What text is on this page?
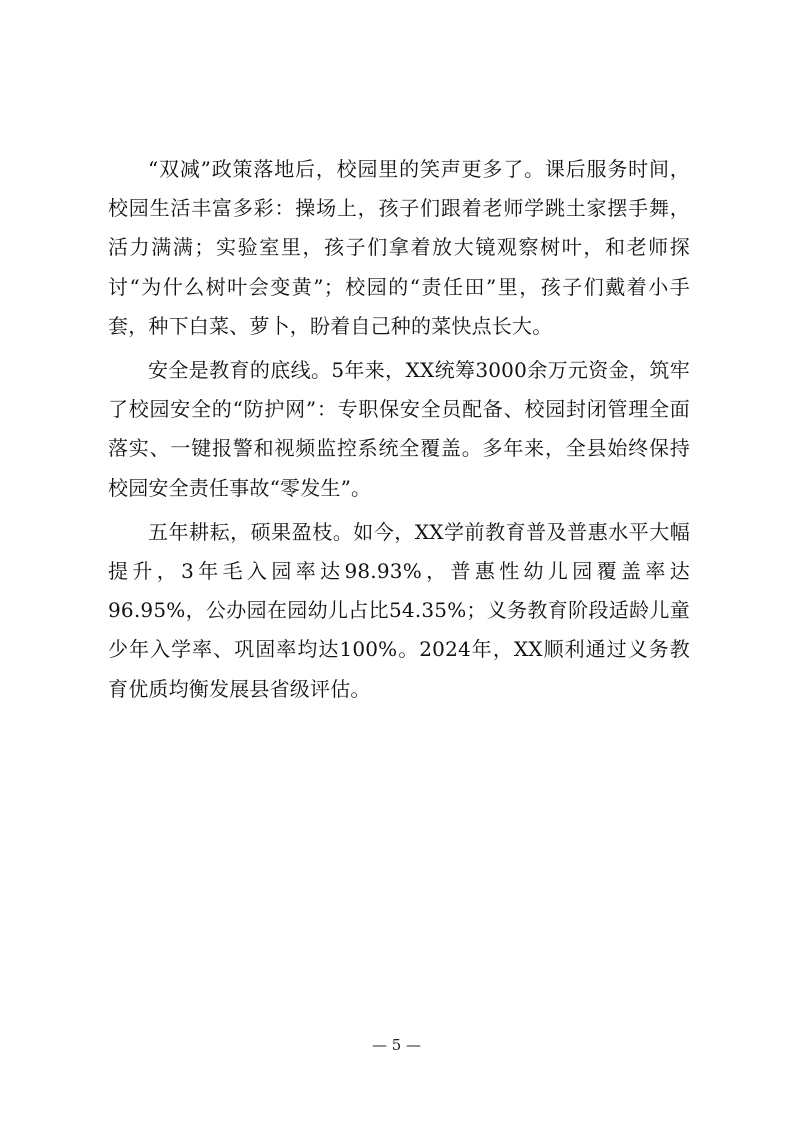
“双减”政策落地后，校园里的笑声更多了。课后服务时间，校园生活丰富多彩：操场上，孩子们跟着老师学跳土家摆手舞，活力满满；实验室里，孩子们拿着放大镜观察树叶，和老师探讨“为什么树叶会变黄”；校园的“责任田”里，孩子们戴着小手套，种下白菜、萝卜，盼着自己种的菜快点长大。

安全是教育的底线。5年来，XX统筹3000余万元资金，筑牢了校园安全的“防护网”：专职保安全员配备、校园封闭管理全面落实、一键报警和视频监控系统全覆盖。多年来，全县始终保持校园安全责任事故“零发生”。

五年耕耘，硕果盈枝。如今，XX学前教育普及普惠水平大幅提升，3年毛入园率达98.93%，普惠性幼儿园覆盖率达96.95%，公办园在园幼儿占比54.35%；义务教育阶段适龄儿童少年入学率、巩固率均达100%。2024年，XX顺利通过义务教育优质均衡发展县省级评估。

— 5 —
